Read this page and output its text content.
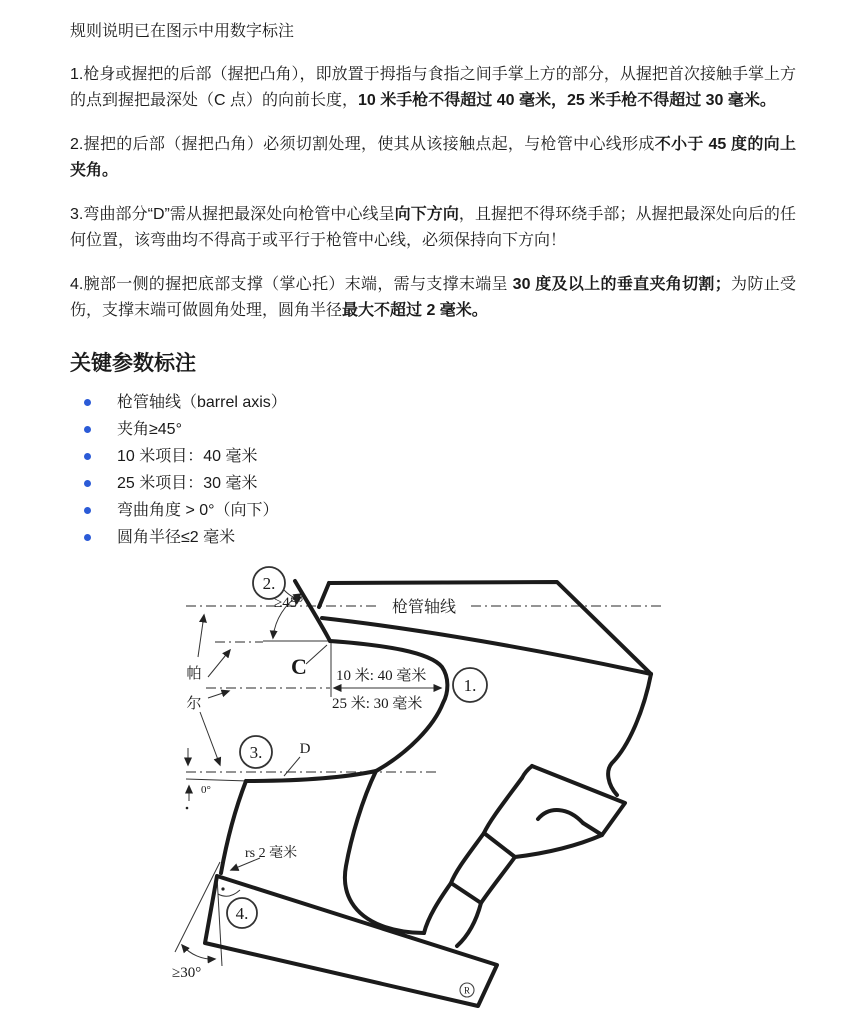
规则说明已在图示中用数字标注

1.枪身或握把的后部（握把凸角），即放置于拇指与食指之间手掌上方的部分，从握把首次接触手掌上方的点到握把最深处（C 点）的向前长度，10 米手枪不得超过 40 毫米，25 米手枪不得超过 30 毫米。

2.握把的后部（握把凸角）必须切割处理，使其从该接触点起，与枪管中心线形成不小于 45 度的向上夹角。

3.弯曲部分“D”需从握把最深处向枪管中心线呈向下方向，且握把不得环绕手部；从握把最深处向后的任何位置，该弯曲均不得高于或平行于枪管中心线，必须保持向下方向！

4.腕部一侧的握把底部支撑（掌心托）末端，需与支撑末端呈 30 度及以上的垂直夹角切割；为防止受伤，支撑末端可做圆角处理，圆角半径最大不超过 2 毫米。

关键参数标注
枪管轴线（barrel axis）
夹角≥45°
10 米项目：40 毫米
25 米项目：30 毫米
弯曲角度 > 0°（向下）
圆角半径≤2 毫米
1.
2.
3.
4.
枪管轴线
≥45°
C 10 米: 40 毫米
25 米: 30 毫米
帕
尔
D
0°
rs 2 毫米
≥30°
R
